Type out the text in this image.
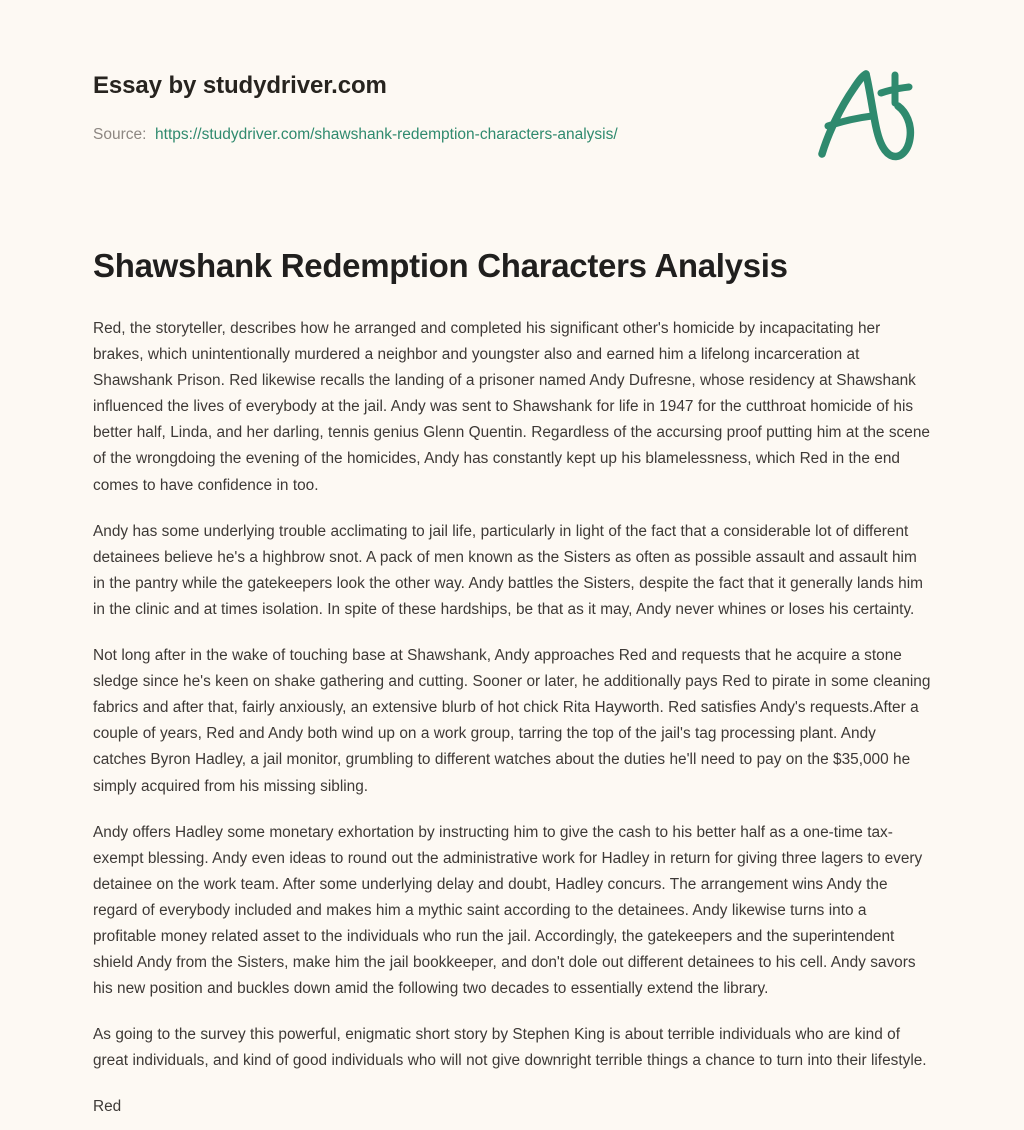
Essay by studydriver.com
Source: https://studydriver.com/shawshank-redemption-characters-analysis/
Shawshank Redemption Characters Analysis

Red, the storyteller, describes how he arranged and completed his significant other's homicide by incapacitating her brakes, which unintentionally murdered a neighbor and youngster also and earned him a lifelong incarceration at Shawshank Prison. Red likewise recalls the landing of a prisoner named Andy Dufresne, whose residency at Shawshank influenced the lives of everybody at the jail. Andy was sent to Shawshank for life in 1947 for the cutthroat homicide of his better half, Linda, and her darling, tennis genius Glenn Quentin. Regardless of the accursing proof putting him at the scene of the wrongdoing the evening of the homicides, Andy has constantly kept up his blamelessness, which Red in the end comes to have confidence in too.

Andy has some underlying trouble acclimating to jail life, particularly in light of the fact that a considerable lot of different detainees believe he's a highbrow snot. A pack of men known as the Sisters as often as possible assault and assault him in the pantry while the gatekeepers look the other way. Andy battles the Sisters, despite the fact that it generally lands him in the clinic and at times isolation. In spite of these hardships, be that as it may, Andy never whines or loses his certainty.

Not long after in the wake of touching base at Shawshank, Andy approaches Red and requests that he acquire a stone sledge since he's keen on shake gathering and cutting. Sooner or later, he additionally pays Red to pirate in some cleaning fabrics and after that, fairly anxiously, an extensive blurb of hot chick Rita Hayworth. Red satisfies Andy's requests.After a couple of years, Red and Andy both wind up on a work group, tarring the top of the jail's tag processing plant. Andy catches Byron Hadley, a jail monitor, grumbling to different watches about the duties he'll need to pay on the $35,000 he simply acquired from his missing sibling.

Andy offers Hadley some monetary exhortation by instructing him to give the cash to his better half as a one-time tax-exempt blessing. Andy even ideas to round out the administrative work for Hadley in return for giving three lagers to every detainee on the work team. After some underlying delay and doubt, Hadley concurs. The arrangement wins Andy the regard of everybody included and makes him a mythic saint according to the detainees. Andy likewise turns into a profitable money related asset to the individuals who run the jail. Accordingly, the gatekeepers and the superintendent shield Andy from the Sisters, make him the jail bookkeeper, and don't dole out different detainees to his cell. Andy savors his new position and buckles down amid the following two decades to essentially extend the library.

As going to the survey this powerful, enigmatic short story by Stephen King is about terrible individuals who are kind of great individuals, and kind of good individuals who will not give downright terrible things a chance to turn into their lifestyle.

Red
